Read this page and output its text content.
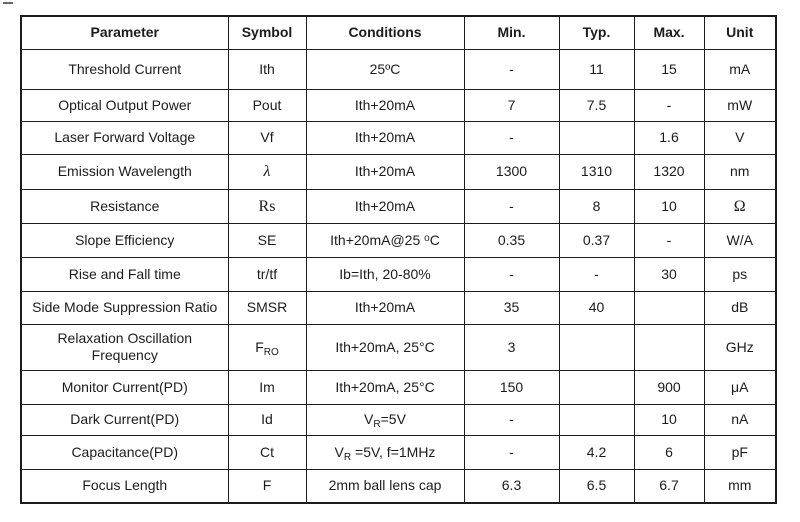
Parameter	Symbol	Conditions	Min.	Typ.	Max.	Unit
Threshold Current	Ith	25ºC	-	11	15	mA
Optical Output Power	Pout	Ith+20mA	7	7.5	-	mW
Laser Forward Voltage	Vf	Ith+20mA	-		1.6	V
Emission Wavelength	λ	Ith+20mA	1300	1310	1320	nm
Resistance	Rs	Ith+20mA	-	8	10	Ω
Slope Efficiency	SE	Ith+20mA@25 $^o$C	0.35	0.37	-	W/A
Rise and Fall time	tr/tf	Ib=Ith, 20-80%	-	-	30	ps
Side Mode Suppression Ratio	SMSR	Ith+20mA	35	40		dB
Relaxation Oscillation Frequency	$F_{RO}$	Ith+20mA, 25°C	3			GHz
Monitor Current(PD)	Im	Ith+20mA, 25°C	150		900	μA
Dark Current(PD)	Id	$V_R=5V$	-		10	nA
Capacitance(PD)	Ct	$V_R =5V$, f=1MHz	-	4.2	6	pF
Focus Length	F	2mm ball lens cap	6.3	6.5	6.7	mm
